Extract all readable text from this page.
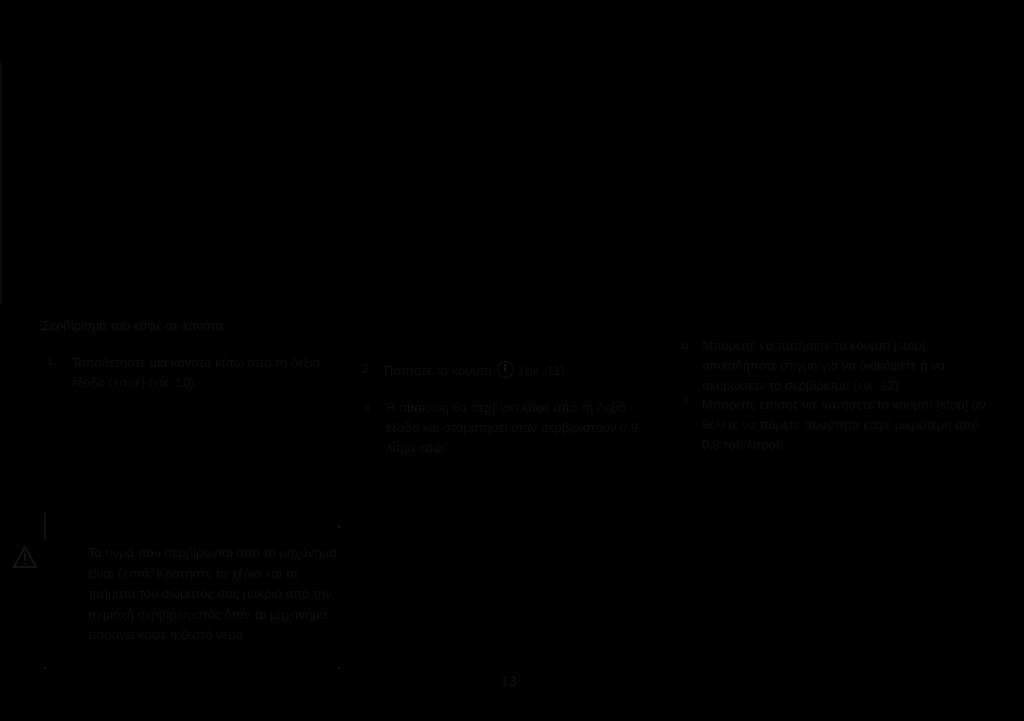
Σερβίρισμα του καφέ σε κανάτα
1. Τοποθετήστε μία κανάτα κάτω από τη δεξιά έξοδο (καφέ) (εικ. 10).
2. Πατήστε το κουμπί (εικ. 11).
Η συσκευή θα σερβίρει καφέ από τη δεξιά έξοδο και σταματήσει όταν σερβιριστούν 0,9 λίτρα καφέ.
Μπορείτε να πατήσετε το κουμπί [stop] οποιαδήποτε στιγμή για να διακόψετε ή να ακυρώσετε το σερβίρισμα (εικ. 12).
Μπορείτε επίσης να πατήσετε το κουμπί [stop] αν θέλετε να πάρετε ποσότητα καφέ μικρότερη από 0,9 του λίτρου.
Τα υγρά που σερβίρονται από το μηχάνημα είναι ζεστά. Κρατήστε τα χέρια και τα τμήματα του σώματός σας μακριά από την περιοχή σερβιρίσματος όταν το μηχάνημα παράγει καφέ ή ζεστό νερό.
13
